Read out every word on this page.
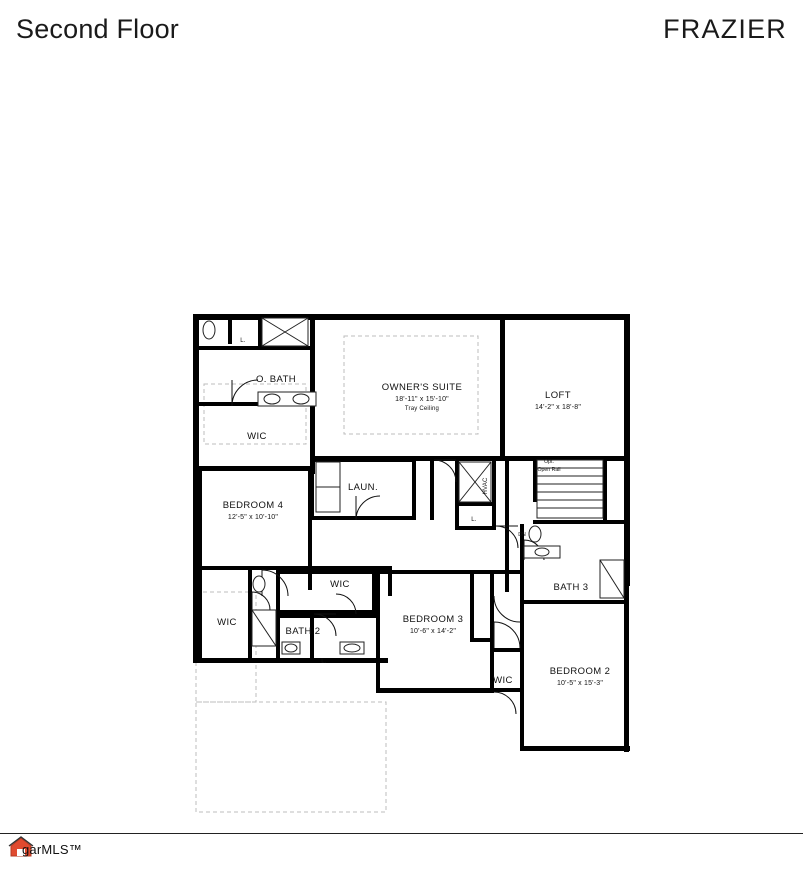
Second Floor	FRAZIER
OWNER'S SUITE
18'-11" x 15'-10"
Tray Ceiling
LOFT
14'-2" x 18'-8"
BEDROOM 4
12'-5" x 10'-10"
BEDROOM 3
10'-6" x 14'-2"
BEDROOM 2
10'-5" x 15'-3"
O. BATH
WIC
LAUN.
BATH 3
BATH 2
WIC
WIC
WIC
HVAC
DN
Opt.
Open Rail
L.
L.
L.
garMLS™
